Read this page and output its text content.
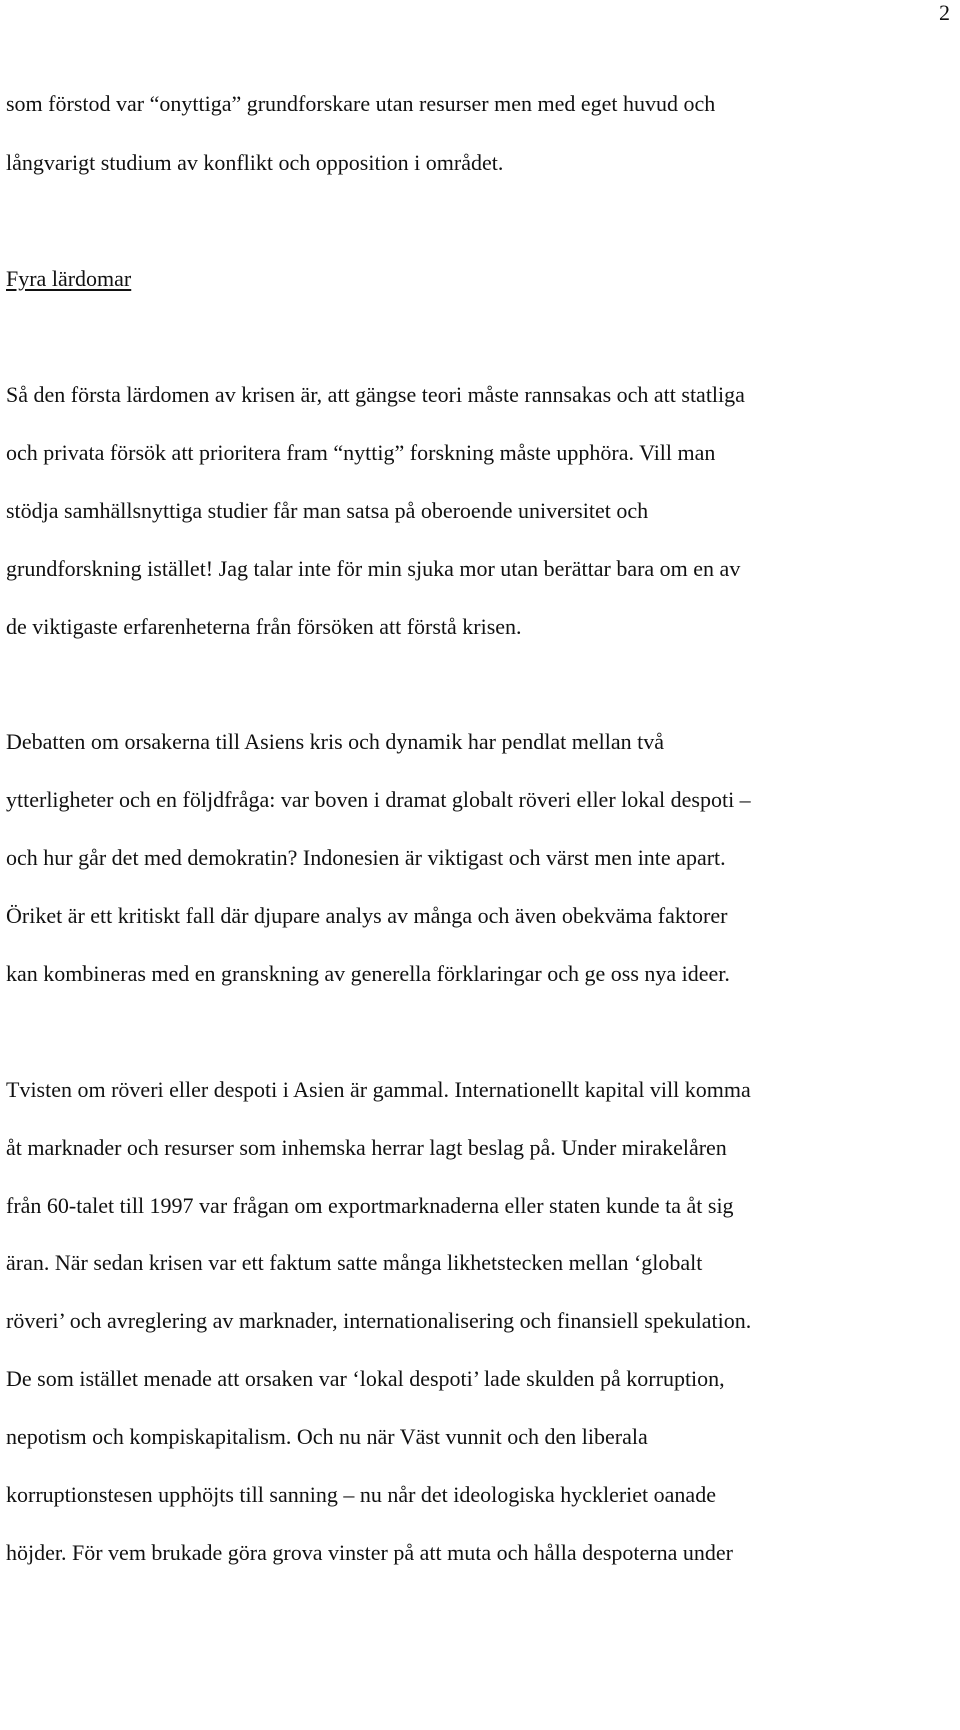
2
som förstod var “onyttiga” grundforskare utan resurser men med eget huvud och
långvarigt studium av konflikt och opposition i området.
Fyra lärdomar
Så den första lärdomen av krisen är, att gängse teori måste rannsakas och att statliga
och privata försök att prioritera fram “nyttig” forskning måste upphöra. Vill man
stödja samhällsnyttiga studier får man satsa på oberoende universitet och
grundforskning istället! Jag talar inte för min sjuka mor utan berättar bara om en av
de viktigaste erfarenheterna från försöken att förstå krisen.
Debatten om orsakerna till Asiens kris och dynamik har pendlat mellan två
ytterligheter och en följdfråga: var boven i dramat globalt röveri eller lokal despoti –
och hur går det med demokratin? Indonesien är viktigast och värst men inte apart.
Öriket är ett kritiskt fall där djupare analys av många och även obekväma faktorer
kan kombineras med en granskning av generella förklaringar och ge oss nya ideer.
Tvisten om röveri eller despoti i Asien är gammal. Internationellt kapital vill komma
åt marknader och resurser som inhemska herrar lagt beslag på. Under mirakelåren
från 60-talet till 1997 var frågan om exportmarknaderna eller staten kunde ta åt sig
äran. När sedan krisen var ett faktum satte många likhetstecken mellan ‘globalt
röveri’ och avreglering av marknader, internationalisering och finansiell spekulation.
De som istället menade att orsaken var ‘lokal despoti’ lade skulden på korruption,
nepotism och kompiskapitalism. Och nu när Väst vunnit och den liberala
korruptionstesen upphöjts till sanning – nu når det ideologiska hyckleriet oanade
höjder. För vem brukade göra grova vinster på att muta och hålla despoterna under
